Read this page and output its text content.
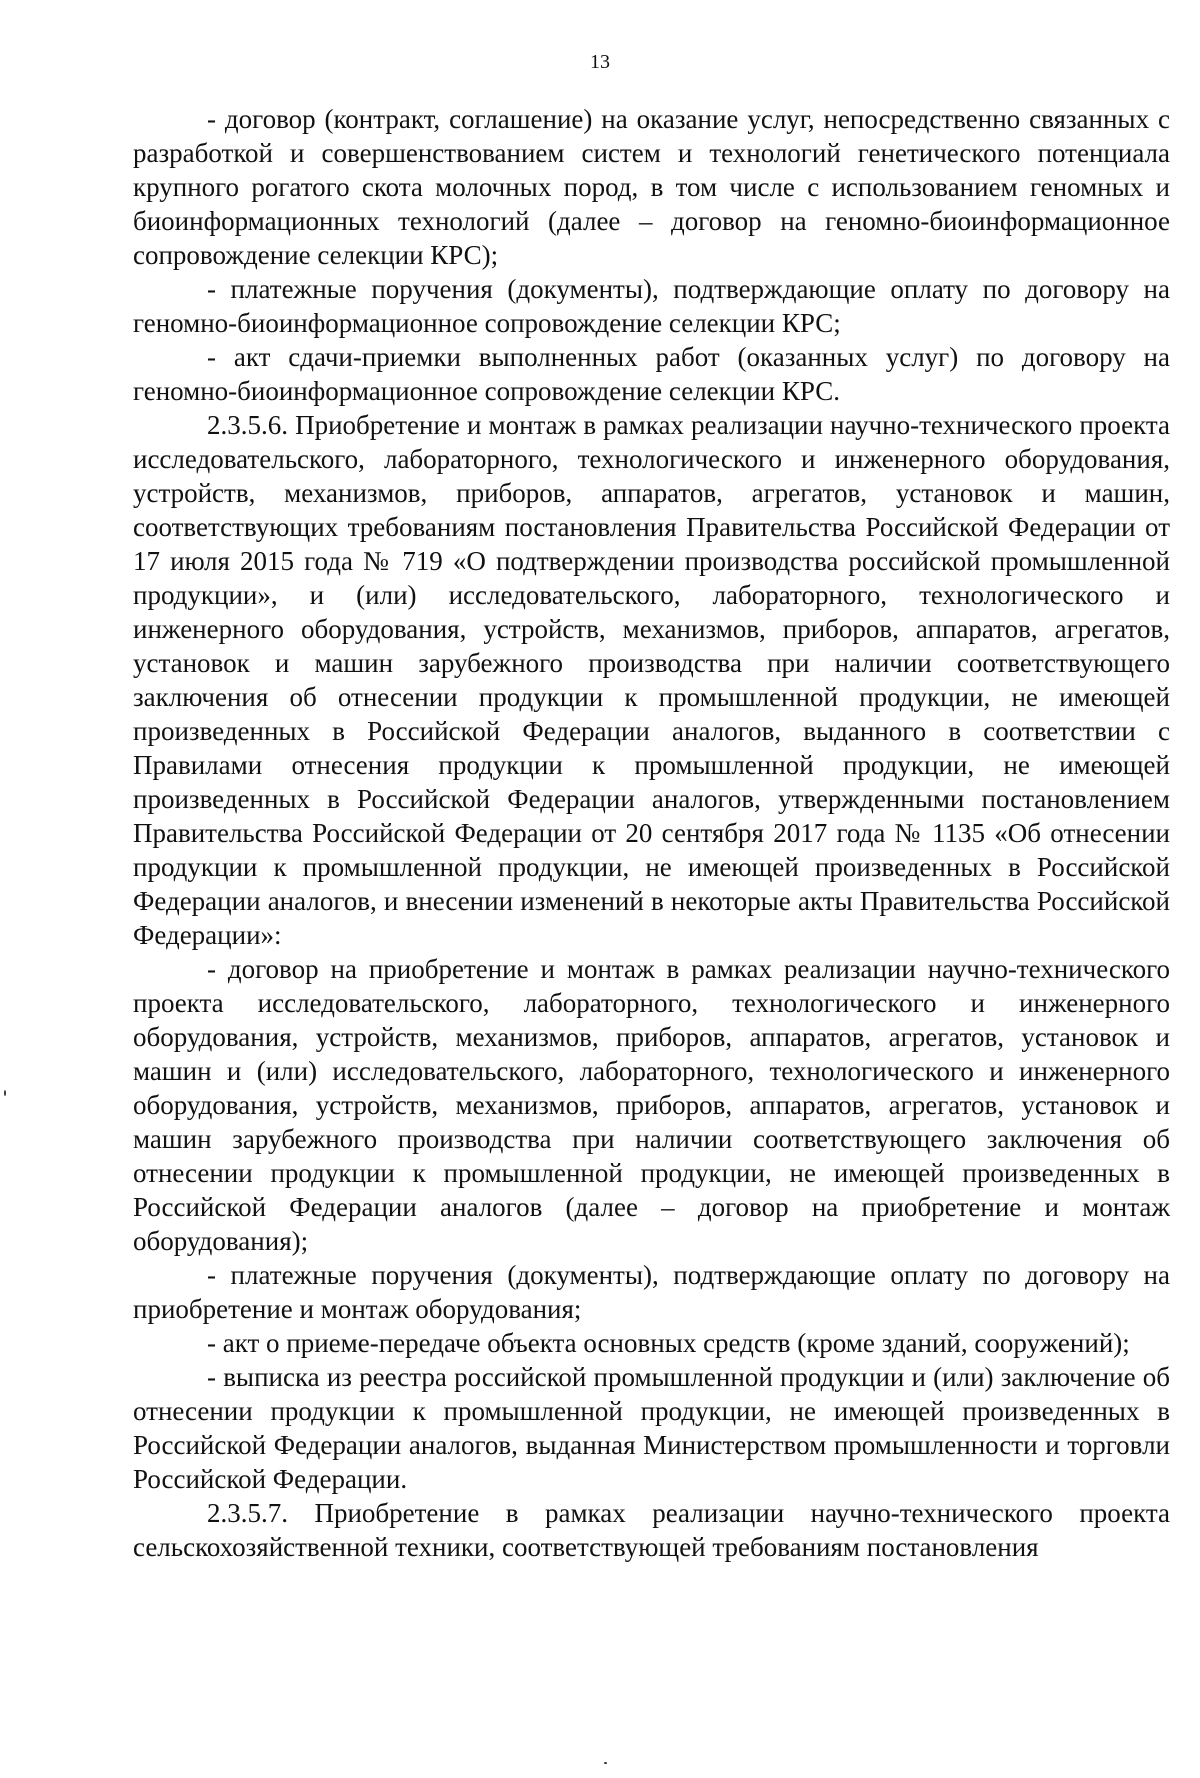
13

- договор (контракт, соглашение) на оказание услуг, непосредственно связанных с разработкой и совершенствованием систем и технологий генетического потенциала крупного рогатого скота молочных пород, в том числе с использованием геномных и биоинформационных технологий (далее – договор на геномно-биоинформационное сопровождение селекции КРС);

- платежные поручения (документы), подтверждающие оплату по договору на геномно-биоинформационное сопровождение селекции КРС;

- акт сдачи-приемки выполненных работ (оказанных услуг) по договору на геномно-биоинформационное сопровождение селекции КРС.

2.3.5.6. Приобретение и монтаж в рамках реализации научно-технического проекта исследовательского, лабораторного, технологического и инженерного оборудования, устройств, механизмов, приборов, аппаратов, агрегатов, установок и машин, соответствующих требованиям постановления Правительства Российской Федерации от 17 июля 2015 года № 719 «О подтверждении производства российской промышленной продукции», и (или) исследовательского, лабораторного, технологического и инженерного оборудования, устройств, механизмов, приборов, аппаратов, агрегатов, установок и машин зарубежного производства при наличии соответствующего заключения об отнесении продукции к промышленной продукции, не имеющей произведенных в Российской Федерации аналогов, выданного в соответствии с Правилами отнесения продукции к промышленной продукции, не имеющей произведенных в Российской Федерации аналогов, утвержденными постановлением Правительства Российской Федерации от 20 сентября 2017 года № 1135 «Об отнесении продукции к промышленной продукции, не имеющей произведенных в Российской Федерации аналогов, и внесении изменений в некоторые акты Правительства Российской Федерации»:

- договор на приобретение и монтаж в рамках реализации научно-технического проекта исследовательского, лабораторного, технологического и инженерного оборудования, устройств, механизмов, приборов, аппаратов, агрегатов, установок и машин и (или) исследовательского, лабораторного, технологического и инженерного оборудования, устройств, механизмов, приборов, аппаратов, агрегатов, установок и машин зарубежного производства при наличии соответствующего заключения об отнесении продукции к промышленной продукции, не имеющей произведенных в Российской Федерации аналогов (далее – договор на приобретение и монтаж оборудования);

- платежные поручения (документы), подтверждающие оплату по договору на приобретение и монтаж оборудования;

- акт о приеме-передаче объекта основных средств (кроме зданий, сооружений);

- выписка из реестра российской промышленной продукции и (или) заключение об отнесении продукции к промышленной продукции, не имеющей произведенных в Российской Федерации аналогов, выданная Министерством промышленности и торговли Российской Федерации.

2.3.5.7. Приобретение в рамках реализации научно-технического проекта сельскохозяйственной техники, соответствующей требованиям постановления
